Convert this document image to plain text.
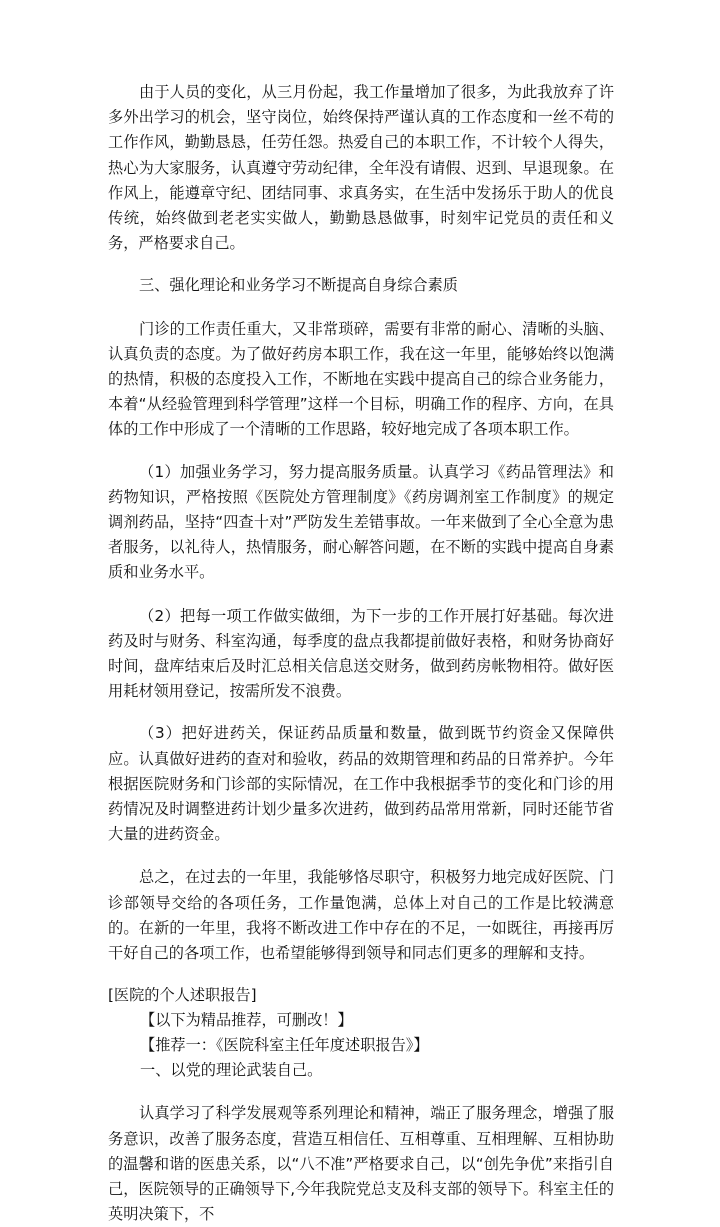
由于人员的变化，从三月份起，我工作量增加了很多，为此我放弃了许多外出学习的机会，坚守岗位，始终保持严谨认真的工作态度和一丝不苟的工作作风，勤勤恳恳，任劳任怨。热爱自己的本职工作，不计较个人得失，热心为大家服务，认真遵守劳动纪律，全年没有请假、迟到、早退现象。在作风上，能遵章守纪、团结同事、求真务实，在生活中发扬乐于助人的优良传统，始终做到老老实实做人，勤勤恳恳做事，时刻牢记党员的责任和义务，严格要求自己。

三、强化理论和业务学习不断提高自身综合素质

门诊的工作责任重大，又非常琐碎，需要有非常的耐心、清晰的头脑、认真负责的态度。为了做好药房本职工作，我在这一年里，能够始终以饱满的热情，积极的态度投入工作，不断地在实践中提高自己的综合业务能力，本着“从经验管理到科学管理”这样一个目标，明确工作的程序、方向，在具体的工作中形成了一个清晰的工作思路，较好地完成了各项本职工作。

（1）加强业务学习，努力提高服务质量。认真学习《药品管理法》和药物知识，严格按照《医院处方管理制度》《药房调剂室工作制度》的规定调剂药品，坚持“四查十对”严防发生差错事故。一年来做到了全心全意为患者服务，以礼待人，热情服务，耐心解答问题，在不断的实践中提高自身素质和业务水平。

（2）把每一项工作做实做细，为下一步的工作开展打好基础。每次进药及时与财务、科室沟通，每季度的盘点我都提前做好表格，和财务协商好时间，盘库结束后及时汇总相关信息送交财务，做到药房帐物相符。做好医用耗材领用登记，按需所发不浪费。

（3）把好进药关，保证药品质量和数量，做到既节约资金又保障供应。认真做好进药的查对和验收，药品的效期管理和药品的日常养护。今年根据医院财务和门诊部的实际情况，在工作中我根据季节的变化和门诊的用药情况及时调整进药计划少量多次进药，做到药品常用常新，同时还能节省大量的进药资金。

总之，在过去的一年里，我能够恪尽职守，积极努力地完成好医院、门诊部领导交给的各项任务，工作量饱满，总体上对自己的工作是比较满意的。在新的一年里，我将不断改进工作中存在的不足，一如既往，再接再厉干好自己的各项工作，也希望能够得到领导和同志们更多的理解和支持。

[医院的个人述职报告]

【以下为精品推荐，可删改！】

【推荐一：《医院科室主任年度述职报告》】

一、以党的理论武装自己。

认真学习了科学发展观等系列理论和精神，端正了服务理念，增强了服务意识，改善了服务态度，营造互相信任、互相尊重、互相理解、互相协助的温馨和谐的医患关系，以“八不准”严格要求自己，以“创先争优”来指引自己，医院领导的正确领导下,今年我院党总支及科支部的领导下。科室主任的英明决策下，不
